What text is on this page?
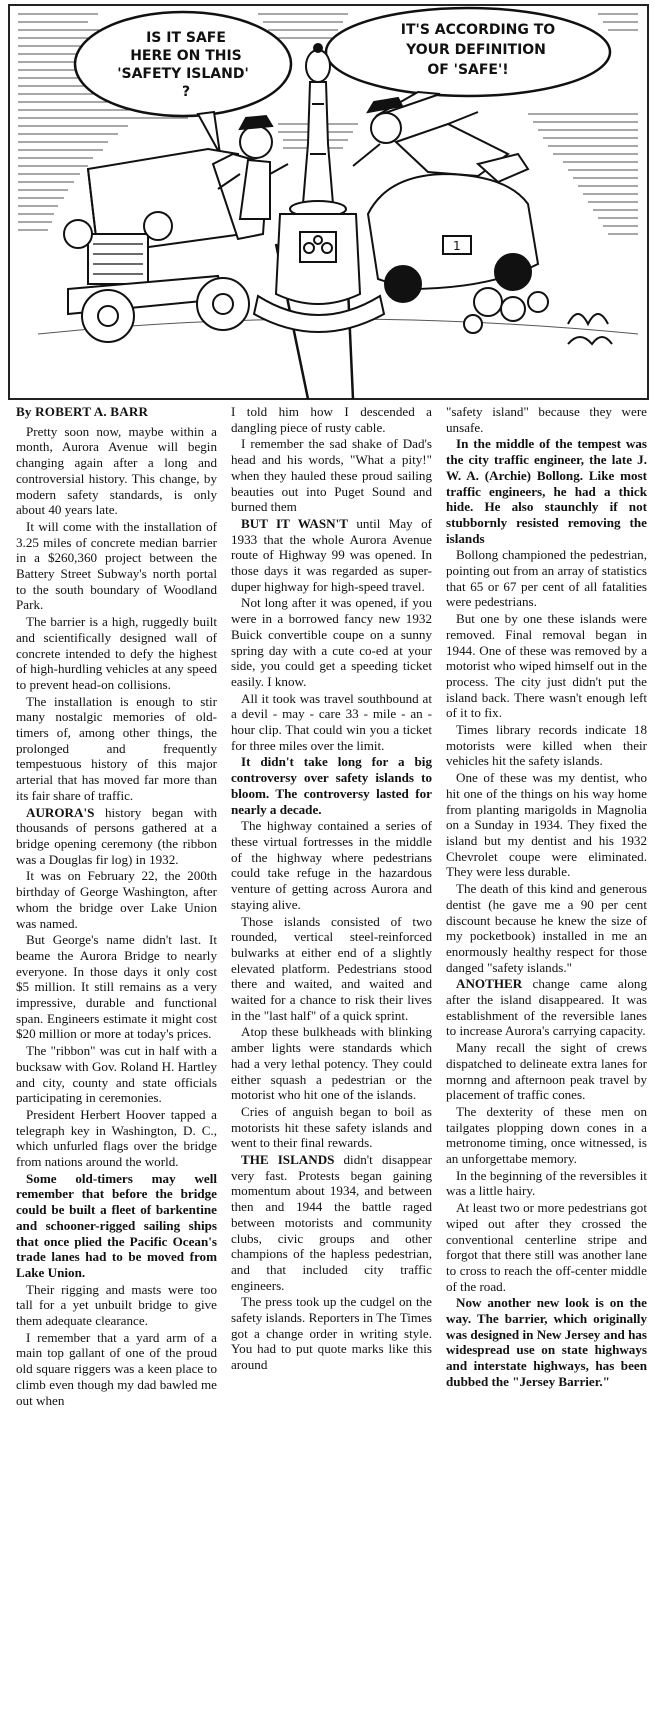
IS IT SAFE
HERE ON THIS
'SAFETY ISLAND'
?
IT'S ACCORDING TO
YOUR DEFINITION
OF 'SAFE'!
1

By ROBERT A. BARR

Pretty soon now, maybe within a month, Aurora Avenue will begin changing again after a long and controversial history. This change, by modern safety standards, is only about 40 years late.

It will come with the installation of 3.25 miles of concrete median barrier in a $260,360 project between the Battery Street Subway's north portal to the south boundary of Woodland Park.

The barrier is a high, ruggedly built and scientifically designed wall of concrete intended to defy the highest of high-hurdling vehicles at any speed to prevent head-on collisions.

The installation is enough to stir many nostalgic memories of old-timers of, among other things, the prolonged and frequently tempestuous history of this major arterial that has moved far more than its fair share of traffic.

AURORA'S history began with thousands of persons gathered at a bridge opening ceremony (the ribbon was a Douglas fir log) in 1932.

It was on February 22, the 200th birthday of George Washington, after whom the bridge over Lake Union was named.

But George's name didn't last. It beame the Aurora Bridge to nearly everyone. In those days it only cost $5 million. It still remains as a very impressive, durable and functional span. Engineers estimate it might cost $20 million or more at today's prices.

The "ribbon" was cut in half with a bucksaw with Gov. Roland H. Hartley and city, county and state officials participating in ceremonies.

President Herbert Hoover tapped a telegraph key in Washington, D. C., which unfurled flags over the bridge from nations around the world.

Some old-timers may well remember that before the bridge could be built a fleet of barkentine and schooner-rigged sailing ships that once plied the Pacific Ocean's trade lanes had to be moved from Lake Union.

Their rigging and masts were too tall for a yet unbuilt bridge to give them adequate clearance.

I remember that a yard arm of a main top gallant of one of the proud old square riggers was a keen place to climb even though my dad bawled me out when

I told him how I descended a dangling piece of rusty cable.

I remember the sad shake of Dad's head and his words, "What a pity!" when they hauled these proud sailing beauties out into Puget Sound and burned them

BUT IT WASN'T until May of 1933 that the whole Aurora Avenue route of Highway 99 was opened. In those days it was regarded as super-duper highway for high-speed travel.

Not long after it was opened, if you were in a borrowed fancy new 1932 Buick convertible coupe on a sunny spring day with a cute co-ed at your side, you could get a speeding ticket easily. I know.

All it took was travel southbound at a devil - may - care 33 - mile - an - hour clip. That could win you a ticket for three miles over the limit.

It didn't take long for a big controversy over safety islands to bloom. The controversy lasted for nearly a decade.

The highway contained a series of these virtual fortresses in the middle of the highway where pedestrians could take refuge in the hazardous venture of getting across Aurora and staying alive.

Those islands consisted of two rounded, vertical steel-reinforced bulwarks at either end of a slightly elevated platform. Pedestrians stood there and waited, and waited and waited for a chance to risk their lives in the "last half" of a quick sprint.

Atop these bulkheads with blinking amber lights were standards which had a very lethal potency. They could either squash a pedestrian or the motorist who hit one of the islands.

Cries of anguish began to boil as motorists hit these safety islands and went to their final rewards.

THE ISLANDS didn't disappear very fast. Protests began gaining momentum about 1934, and between then and 1944 the battle raged between motorists and community clubs, civic groups and other champions of the hapless pedestrian, and that included city traffic engineers.

The press took up the cudgel on the safety islands. Reporters in The Times got a change order in writing style. You had to put quote marks like this around

"safety island" because they were unsafe.

In the middle of the tempest was the city traffic engineer, the late J. W. A. (Archie) Bollong. Like most traffic engineers, he had a thick hide. He also staunchly if not stubbornly resisted removing the islands

Bollong championed the pedestrian, pointing out from an array of statistics that 65 or 67 per cent of all fatalities were pedestrians.

But one by one these islands were removed. Final removal began in 1944. One of these was removed by a motorist who wiped himself out in the process. The city just didn't put the island back. There wasn't enough left of it to fix.

Times library records indicate 18 motorists were killed when their vehicles hit the safety islands.

One of these was my dentist, who hit one of the things on his way home from planting marigolds in Magnolia on a Sunday in 1934. They fixed the island but my dentist and his 1932 Chevrolet coupe were eliminated. They were less durable.

The death of this kind and generous dentist (he gave me a 90 per cent discount because he knew the size of my pocketbook) installed in me an enormously healthy respect for those danged "safety islands."

ANOTHER change came along after the island disappeared. It was establishment of the reversible lanes to increase Aurora's carrying capacity.

Many recall the sight of crews dispatched to delineate extra lanes for mornng and afternoon peak travel by placement of traffic cones.

The dexterity of these men on tailgates plopping down cones in a metronome timing, once witnessed, is an unforgettabe memory.

In the beginning of the reversibles it was a little hairy.

At least two or more pedestrians got wiped out after they crossed the conventional centerline stripe and forgot that there still was another lane to cross to reach the off-center middle of the road.

Now another new look is on the way. The barrier, which originally was designed in New Jersey and has widespread use on state highways and interstate highways, has been dubbed the "Jersey Barrier."
